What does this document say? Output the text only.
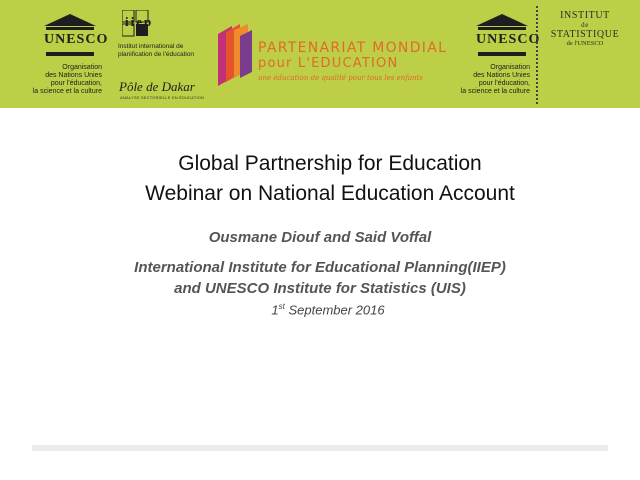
UNESCO
Organisation
des Nations Unies
pour l'éducation,
la science et la culture
iiep
Institut international de
planification de l'éducation
Pôle de Dakar
ANALYSE SECTORIELLE EN ÉDUCATION
PARTENARIAT MONDIAL
pour L'EDUCATION
une éducation de qualité pour tous les enfants
UNESCO
Organisation
des Nations Unies
pour l'éducation,
la science et la culture
INSTITUT
de
STATISTIQUE
de l'UNESCO
Global Partnership for Education
Webinar on National Education Account
Ousmane Diouf and Said Voffal
International Institute for Educational Planning(IIEP)
and UNESCO Institute for Statistics (UIS)
1st September 2016
